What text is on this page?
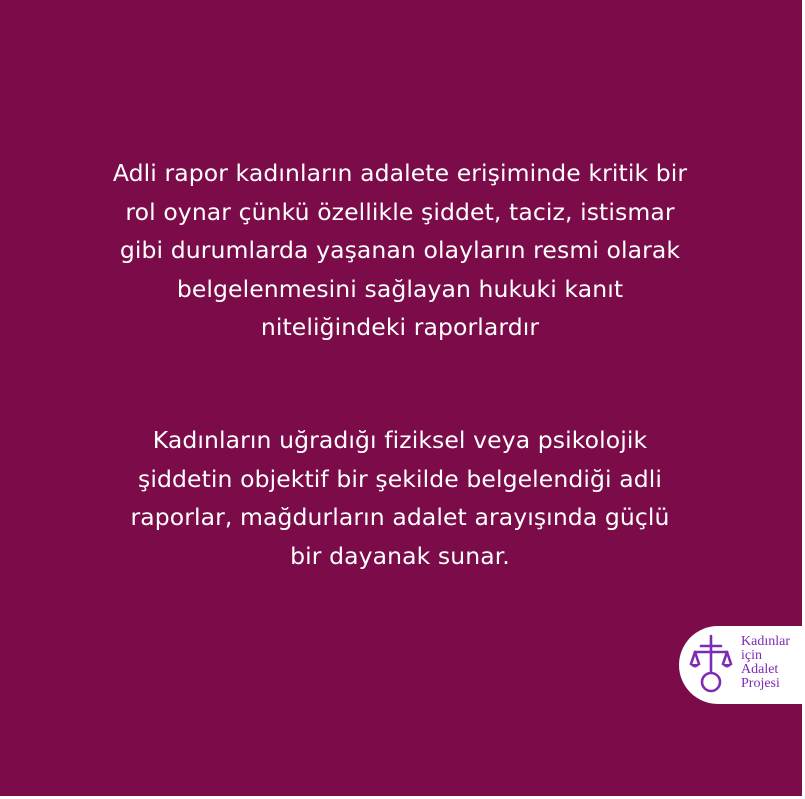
Adli rapor kadınların adalete erişiminde kritik bir
rol oynar çünkü özellikle şiddet, taciz, istismar
gibi durumlarda yaşanan olayların resmi olarak
belgelenmesini sağlayan hukuki kanıt
niteliğindeki raporlardır

Kadınların uğradığı fiziksel veya psikolojik
şiddetin objektif bir şekilde belgelendiği adli
raporlar, mağdurların adalet arayışında güçlü
bir dayanak sunar.

Kadınlar
için
Adalet
Projesi
